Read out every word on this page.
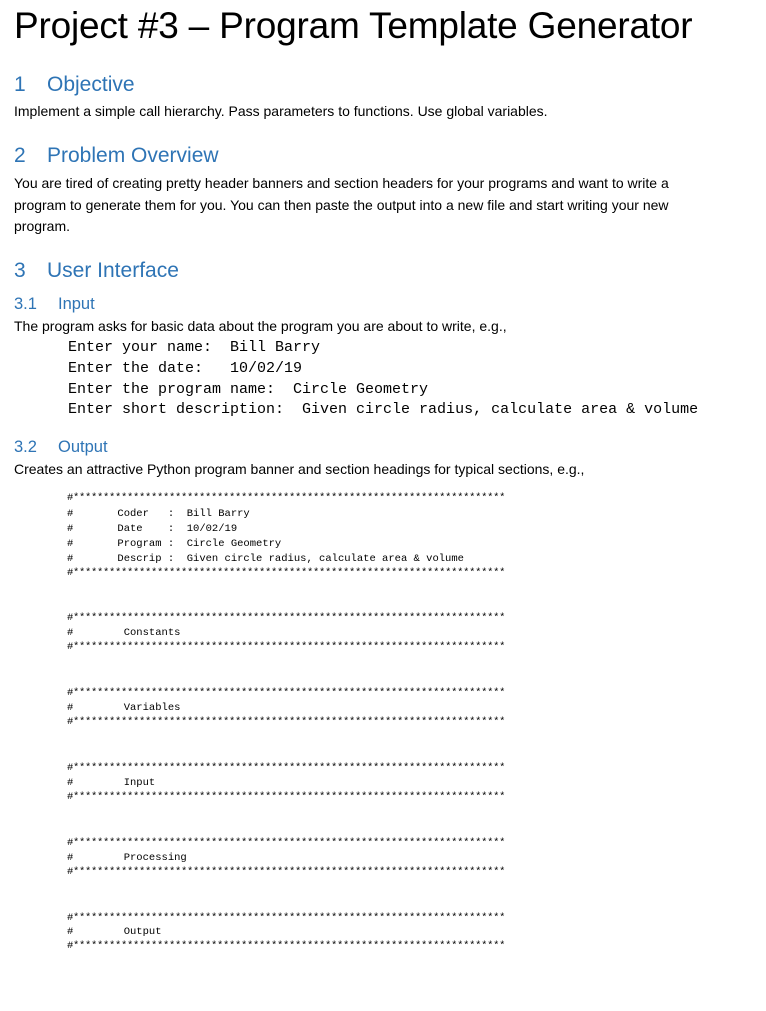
Project #3 – Program Template Generator
1 Objective
Implement a simple call hierarchy. Pass parameters to functions. Use global variables.
2 Problem Overview
You are tired of creating pretty header banners and section headers for your programs and want to write a program to generate them for you. You can then paste the output into a new file and start writing your new program.
3 User Interface
3.1 Input
The program asks for basic data about the program you are about to write, e.g.,
Enter your name:  Bill Barry
Enter the date:   10/02/19
Enter the program name:  Circle Geometry
Enter short description:  Given circle radius, calculate area & volume
3.2 Output
Creates an attractive Python program banner and section headings for typical sections, e.g.,
#************************************************************************
#       Coder   :  Bill Barry
#       Date    :  10/02/19
#       Program :  Circle Geometry
#       Descrip :  Given circle radius, calculate area & volume
#************************************************************************
#************************************************************************
#        Constants
#************************************************************************
#************************************************************************
#        Variables
#************************************************************************
#************************************************************************
#        Input
#************************************************************************
#************************************************************************
#        Processing
#************************************************************************
#************************************************************************
#        Output
#************************************************************************
